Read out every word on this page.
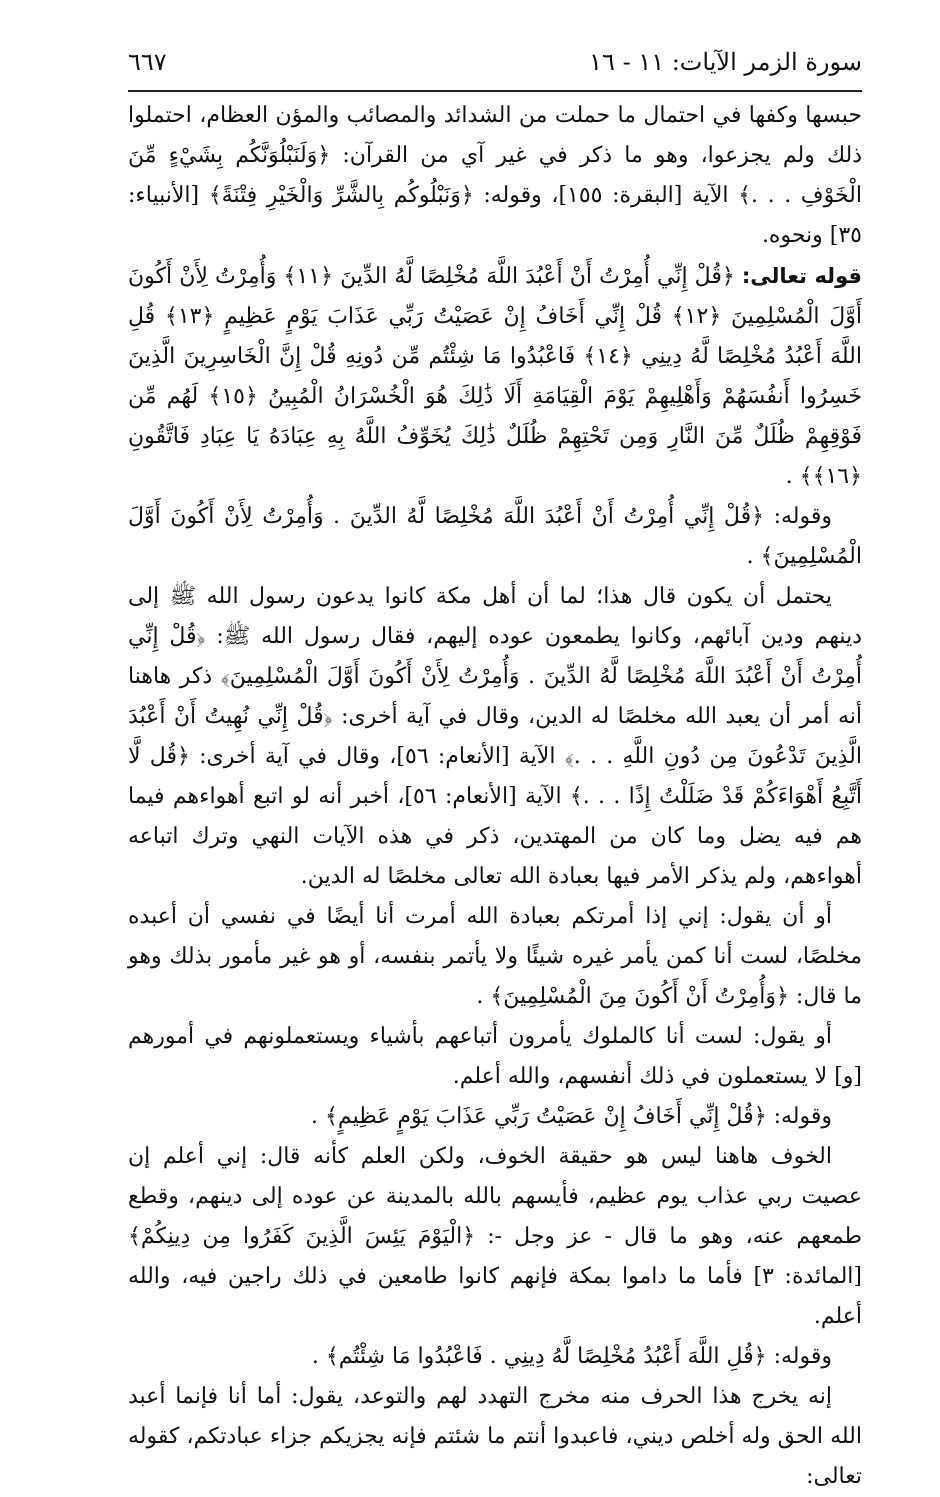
سورة الزمر الآيات: ١١ - ١٦
٦٦٧

حبسها وكفها في احتمال ما حملت من الشدائد والمصائب والمؤن العظام، احتملوا ذلك ولم يجزعوا، وهو ما ذكر في غير آي من القرآن: ﴿وَلَنَبْلُوَنَّكُم بِشَيْءٍ مِّنَ الْخَوْفِ . . .﴾ الآية [البقرة: ١٥٥]، وقوله: ﴿وَنَبْلُوكُم بِالشَّرِّ وَالْخَيْرِ فِتْنَةً﴾ [الأنبياء: ٣٥] ونحوه.

قوله تعالى: ﴿قُلْ إِنِّي أُمِرْتُ أَنْ أَعْبُدَ اللَّهَ مُخْلِصًا لَّهُ الدِّينَ ﴿١١﴾ وَأُمِرْتُ لِأَنْ أَكُونَ أَوَّلَ الْمُسْلِمِينَ ﴿١٢﴾ قُلْ إِنِّي أَخَافُ إِنْ عَصَيْتُ رَبِّي عَذَابَ يَوْمٍ عَظِيمٍ ﴿١٣﴾ قُلِ اللَّهَ أَعْبُدُ مُخْلِصًا لَّهُ دِينِي ﴿١٤﴾ فَاعْبُدُوا مَا شِئْتُم مِّن دُونِهِ قُلْ إِنَّ الْخَاسِرِينَ الَّذِينَ خَسِرُوا أَنفُسَهُمْ وَأَهْلِيهِمْ يَوْمَ الْقِيَامَةِ أَلَا ذَٰلِكَ هُوَ الْخُسْرَانُ الْمُبِينُ ﴿١٥﴾ لَهُم مِّن فَوْقِهِمْ ظُلَلٌ مِّنَ النَّارِ وَمِن تَحْتِهِمْ ظُلَلٌ ذَٰلِكَ يُخَوِّفُ اللَّهُ بِهِ عِبَادَهُ يَا عِبَادِ فَاتَّقُونِ ﴿١٦﴾﴾ .

وقوله: ﴿قُلْ إِنِّي أُمِرْتُ أَنْ أَعْبُدَ اللَّهَ مُخْلِصًا لَّهُ الدِّينَ . وَأُمِرْتُ لِأَنْ أَكُونَ أَوَّلَ الْمُسْلِمِينَ﴾ .

يحتمل أن يكون قال هذا؛ لما أن أهل مكة كانوا يدعون رسول الله ﷺ إلى دينهم ودين آبائهم، وكانوا يطمعون عوده إليهم، فقال رسول الله ﷺ: ﴿قُلْ إِنِّي أُمِرْتُ أَنْ أَعْبُدَ اللَّهَ مُخْلِصًا لَّهُ الدِّينَ . وَأُمِرْتُ لِأَنْ أَكُونَ أَوَّلَ الْمُسْلِمِينَ﴾ ذكر هاهنا أنه أمر أن يعبد الله مخلصًا له الدين، وقال في آية أخرى: ﴿قُلْ إِنِّي نُهِيتُ أَنْ أَعْبُدَ الَّذِينَ تَدْعُونَ مِن دُونِ اللَّهِ . . .﴾ الآية [الأنعام: ٥٦]، وقال في آية أخرى: ﴿قُل لَّا أَتَّبِعُ أَهْوَاءَكُمْ قَدْ ضَلَلْتُ إِذًا . . .﴾ الآية [الأنعام: ٥٦]، أخبر أنه لو اتبع أهواءهم فيما هم فيه يضل وما كان من المهتدين، ذكر في هذه الآيات النهي وترك اتباعه أهواءهم، ولم يذكر الأمر فيها بعبادة الله تعالى مخلصًا له الدين.

أو أن يقول: إني إذا أمرتكم بعبادة الله أمرت أنا أيضًا في نفسي أن أعبده مخلصًا، لست أنا كمن يأمر غيره شيئًا ولا يأتمر بنفسه، أو هو غير مأمور بذلك وهو ما قال: ﴿وَأُمِرْتُ أَنْ أَكُونَ مِنَ الْمُسْلِمِينَ﴾ .

أو يقول: لست أنا كالملوك يأمرون أتباعهم بأشياء ويستعملونهم في أمورهم [و] لا يستعملون في ذلك أنفسهم، والله أعلم.

وقوله: ﴿قُلْ إِنِّي أَخَافُ إِنْ عَصَيْتُ رَبِّي عَذَابَ يَوْمٍ عَظِيمٍ﴾ .

الخوف هاهنا ليس هو حقيقة الخوف، ولكن العلم كأنه قال: إني أعلم إن عصيت ربي عذاب يوم عظيم، فأيسهم بالله بالمدينة عن عوده إلى دينهم، وقطع طمعهم عنه، وهو ما قال - عز وجل -: ﴿الْيَوْمَ يَئِسَ الَّذِينَ كَفَرُوا مِن دِينِكُمْ﴾ [المائدة: ٣] فأما ما داموا بمكة فإنهم كانوا طامعين في ذلك راجين فيه، والله أعلم.

وقوله: ﴿قُلِ اللَّهَ أَعْبُدُ مُخْلِصًا لَّهُ دِينِي . فَاعْبُدُوا مَا شِئْتُم﴾ .

إنه يخرج هذا الحرف منه مخرج التهدد لهم والتوعد، يقول: أما أنا فإنما أعبد الله الحق وله أخلص ديني، فاعبدوا أنتم ما شئتم فإنه يجزيكم جزاء عبادتكم، كقوله تعالى:
